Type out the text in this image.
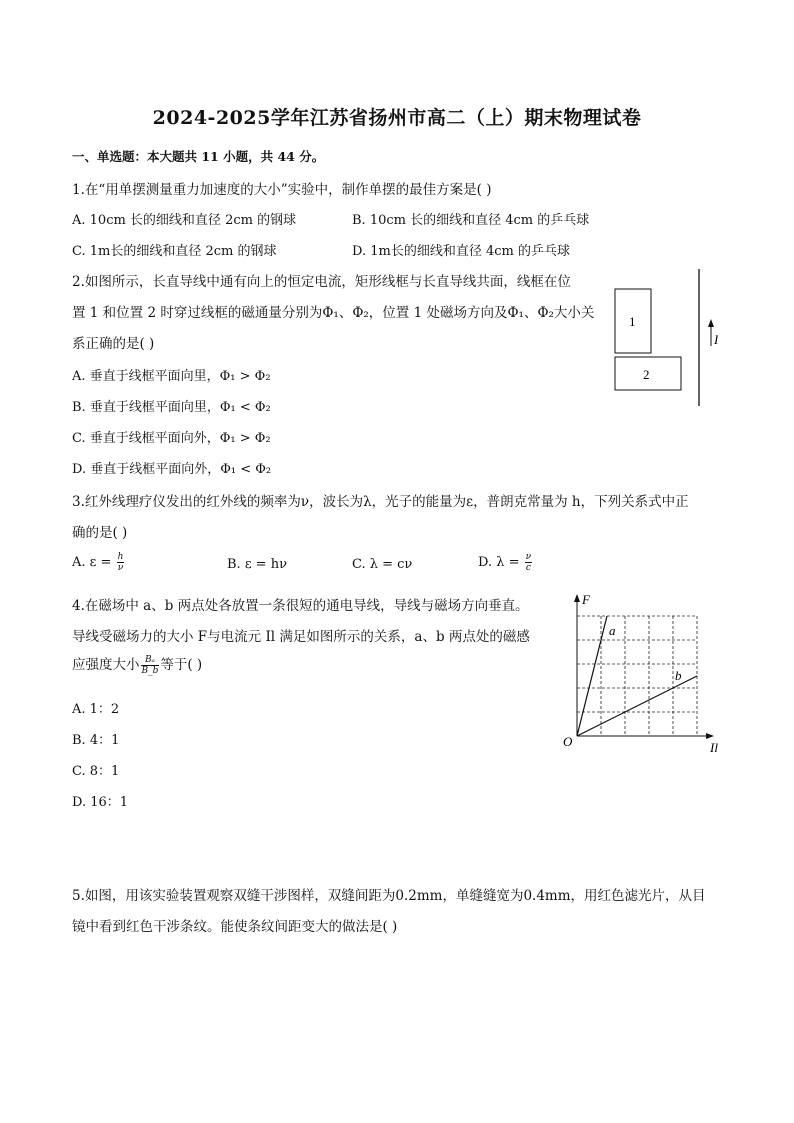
2024-2025学年江苏省扬州市高二（上）期末物理试卷
一、单选题：本大题共 11 小题，共 44 分。
1.在“用单摆测量重力加速度的大小”实验中，制作单摆的最佳方案是( )
A. 10cm 长的细线和直径 2cm 的钢球	B. 10cm 长的细线和直径 4cm 的乒乓球
C. 1m长的细线和直径 2cm 的钢球	D. 1m长的细线和直径 4cm 的乒乓球
2.如图所示，长直导线中通有向上的恒定电流，矩形线框与长直导线共面，线框在位
置 1 和位置 2 时穿过线框的磁通量分别为Φ₁、Φ₂，位置 1 处磁场方向及Φ₁、Φ₂大小关
系正确的是( )
A. 垂直于线框平面向里，Φ₁ > Φ₂
B. 垂直于线框平面向里，Φ₁ < Φ₂
C. 垂直于线框平面向外，Φ₁ > Φ₂
D. 垂直于线框平面向外，Φ₁ < Φ₂
I
1
2
3.红外线理疗仪发出的红外线的频率为ν，波长为λ，光子的能量为ε，普朗克常量为 h，下列关系式中正
确的是( )
A. $\varepsilon = \frac{h}{\nu}$	B. ε = hν	C. λ = cν	D. $\lambda = \frac{\nu}{c}$
4.在磁场中 a、b 两点处各放置一条很短的通电导线，导线与磁场方向垂直。
导线受磁场力的大小 F与电流元 Il 满足如图所示的关系，a、b 两点处的磁感
应强度大小 $\frac{\text{Bₐ}}{B\_b}$ 等于( )
A. 1：2
B. 4：1
C. 8：1
D. 16：1
F
Il
O
a
b
5.如图，用该实验装置观察双缝干涉图样，双缝间距为0.2mm，单缝缝宽为0.4mm，用红色滤光片，从目
镜中看到红色干涉条纹。能使条纹间距变大的做法是( )
